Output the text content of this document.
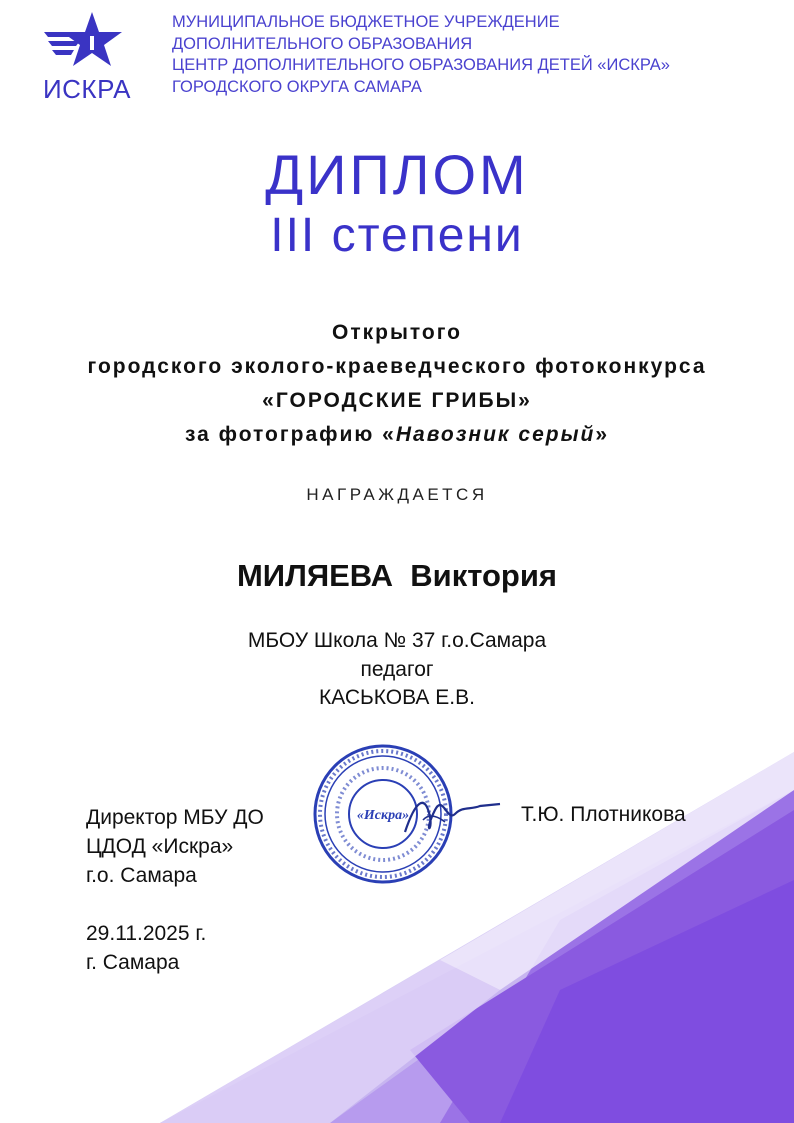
ИСКРА
МУНИЦИПАЛЬНОЕ БЮДЖЕТНОЕ УЧРЕЖДЕНИЕ
ДОПОЛНИТЕЛЬНОГО ОБРАЗОВАНИЯ
ЦЕНТР ДОПОЛНИТЕЛЬНОГО ОБРАЗОВАНИЯ ДЕТЕЙ «ИСКРА»
ГОРОДСКОГО ОКРУГА САМАРА
ДИПЛОМ
III степени
Открытого
городского эколого-краеведческого фотоконкурса
«ГОРОДСКИЕ ГРИБЫ»
за фотографию «Навозник серый»
НАГРАЖДАЕТСЯ
МИЛЯЕВА  Виктория
МБОУ Школа № 37 г.о.Самара
педагог
КАСЬКОВА Е.В.
«Искра»
Директор МБУ ДО
ЦДОД «Искра»
г.о. Самара
Т.Ю. Плотникова
29.11.2025 г.
г. Самара
